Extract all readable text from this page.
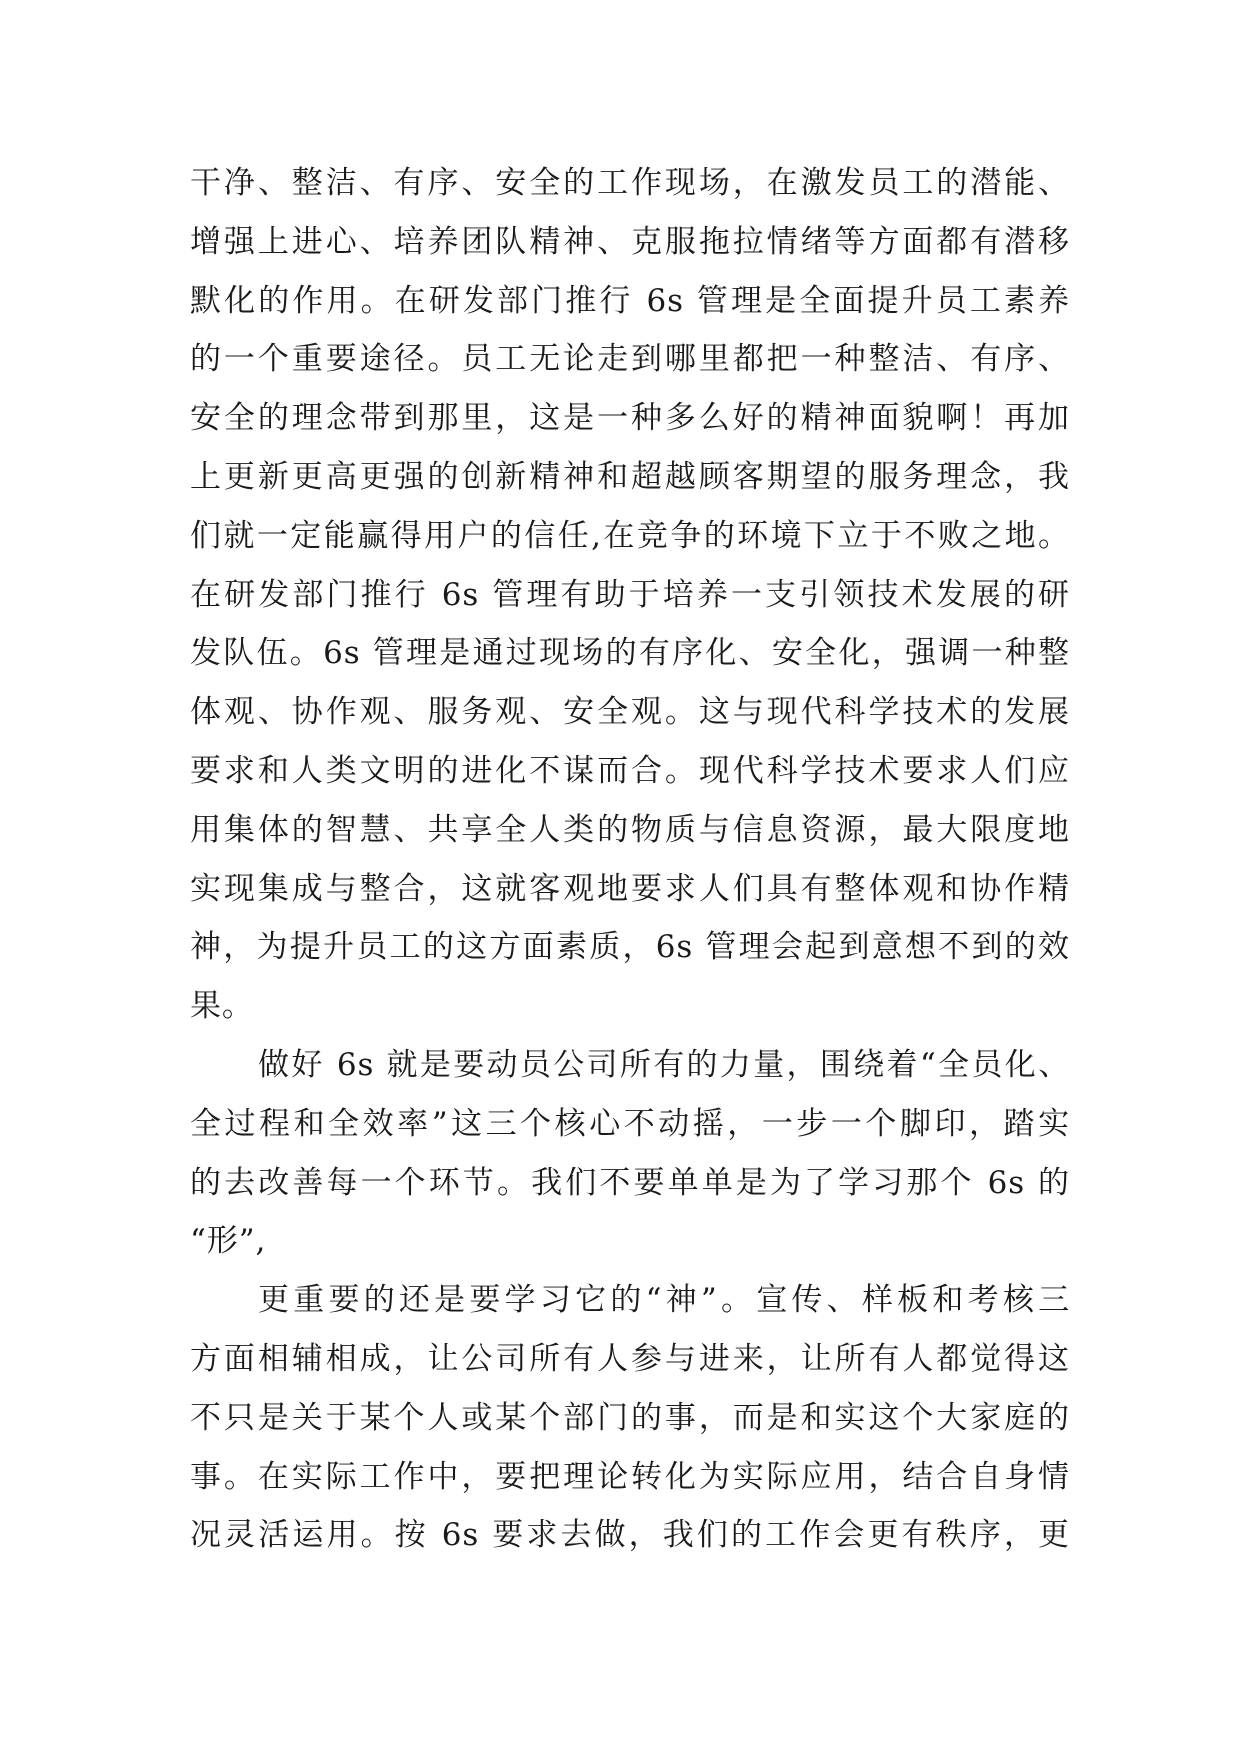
干净、整洁、有序、安全的工作现场，在激发员工的潜能、
增强上进心、培养团队精神、克服拖拉情绪等方面都有潜移
默化的作用。在研发部门推行 6s 管理是全面提升员工素养
的一个重要途径。员工无论走到哪里都把一种整洁、有序、
安全的理念带到那里，这是一种多么好的精神面貌啊！再加
上更新更高更强的创新精神和超越顾客期望的服务理念，我
们就一定能赢得用户的信任,在竞争的环境下立于不败之地。
在研发部门推行 6s 管理有助于培养一支引领技术发展的研
发队伍。6s 管理是通过现场的有序化、安全化，强调一种整
体观、协作观、服务观、安全观。这与现代科学技术的发展
要求和人类文明的进化不谋而合。现代科学技术要求人们应
用集体的智慧、共享全人类的物质与信息资源，最大限度地
实现集成与整合，这就客观地要求人们具有整体观和协作精
神，为提升员工的这方面素质，6s 管理会起到意想不到的效
果。
做好 6s 就是要动员公司所有的力量，围绕着“全员化、
全过程和全效率”这三个核心不动摇，一步一个脚印，踏实
的去改善每一个环节。我们不要单单是为了学习那个 6s 的
“形”,
更重要的还是要学习它的“神”。宣传、样板和考核三
方面相辅相成，让公司所有人参与进来，让所有人都觉得这
不只是关于某个人或某个部门的事，而是和实这个大家庭的
事。在实际工作中，要把理论转化为实际应用，结合自身情
况灵活运用。按 6s 要求去做，我们的工作会更有秩序，更
